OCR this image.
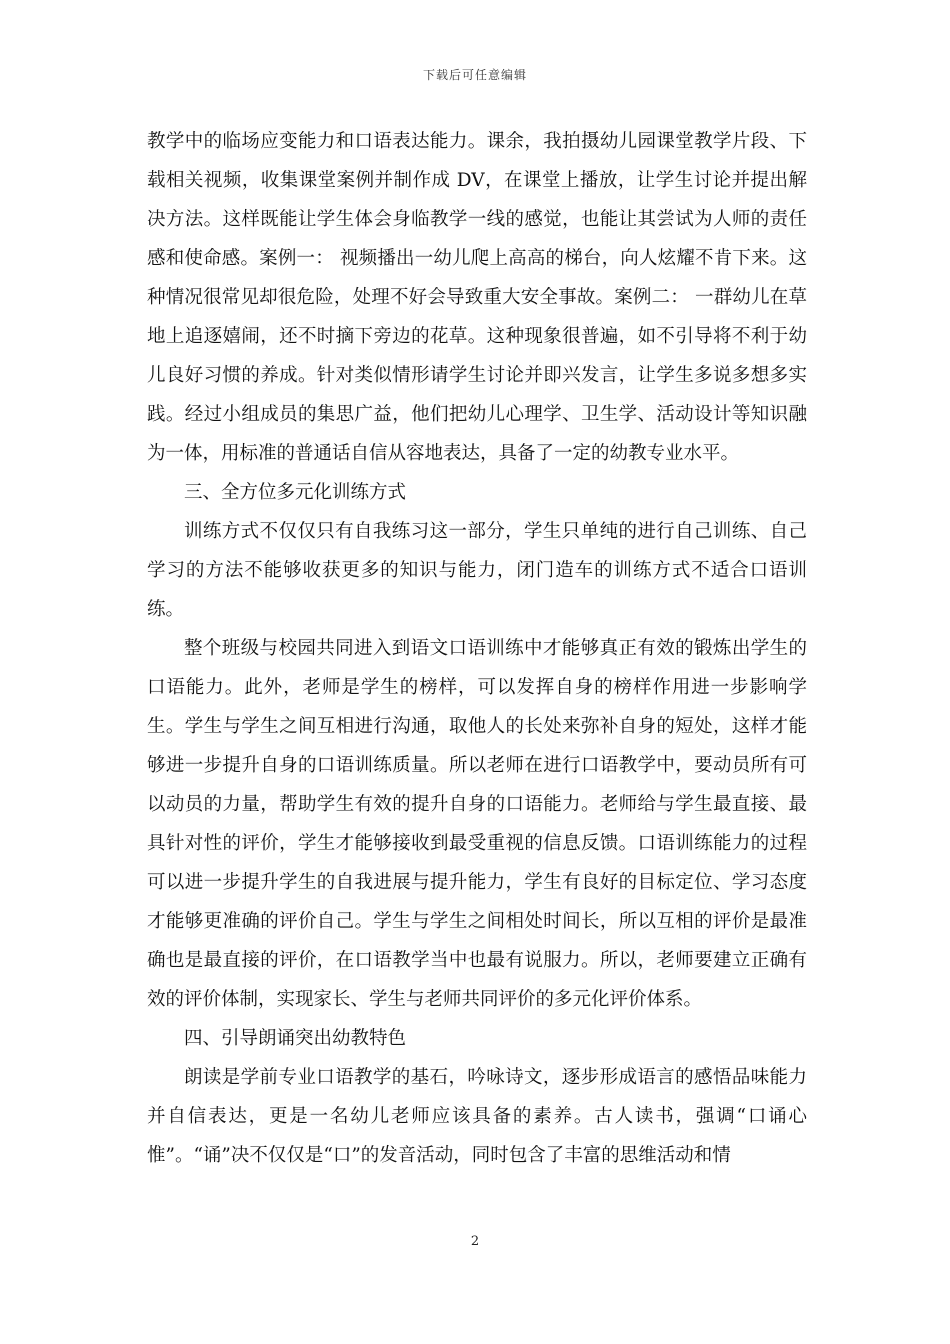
下载后可任意编辑

教学中的临场应变能力和口语表达能力。课余，我拍摄幼儿园课堂教学片段、下载相关视频，收集课堂案例并制作成 DV，在课堂上播放，让学生讨论并提出解决方法。这样既能让学生体会身临教学一线的感觉，也能让其尝试为人师的责任感和使命感。案例一： 视频播出一幼儿爬上高高的梯台，向人炫耀不肯下来。这种情况很常见却很危险，处理不好会导致重大安全事故。案例二： 一群幼儿在草地上追逐嬉闹，还不时摘下旁边的花草。这种现象很普遍，如不引导将不利于幼儿良好习惯的养成。针对类似情形请学生讨论并即兴发言，让学生多说多想多实践。经过小组成员的集思广益，他们把幼儿心理学、卫生学、活动设计等知识融为一体，用标准的普通话自信从容地表达，具备了一定的幼教专业水平。

三、全方位多元化训练方式

训练方式不仅仅只有自我练习这一部分，学生只单纯的进行自己训练、自己学习的方法不能够收获更多的知识与能力，闭门造车的训练方式不适合口语训练。

整个班级与校园共同进入到语文口语训练中才能够真正有效的锻炼出学生的口语能力。此外，老师是学生的榜样，可以发挥自身的榜样作用进一步影响学生。学生与学生之间互相进行沟通，取他人的长处来弥补自身的短处，这样才能够进一步提升自身的口语训练质量。所以老师在进行口语教学中，要动员所有可以动员的力量，帮助学生有效的提升自身的口语能力。老师给与学生最直接、最具针对性的评价，学生才能够接收到最受重视的信息反馈。口语训练能力的过程可以进一步提升学生的自我进展与提升能力，学生有良好的目标定位、学习态度才能够更准确的评价自己。学生与学生之间相处时间长，所以互相的评价是最准确也是最直接的评价，在口语教学当中也最有说服力。所以，老师要建立正确有效的评价体制，实现家长、学生与老师共同评价的多元化评价体系。

四、引导朗诵突出幼教特色

朗读是学前专业口语教学的基石，吟咏诗文，逐步形成语言的感悟品味能力并自信表达，更是一名幼儿老师应该具备的素养。古人读书，强调“口诵心惟”。“诵”决不仅仅是“口”的发音活动，同时包含了丰富的思维活动和情

2
